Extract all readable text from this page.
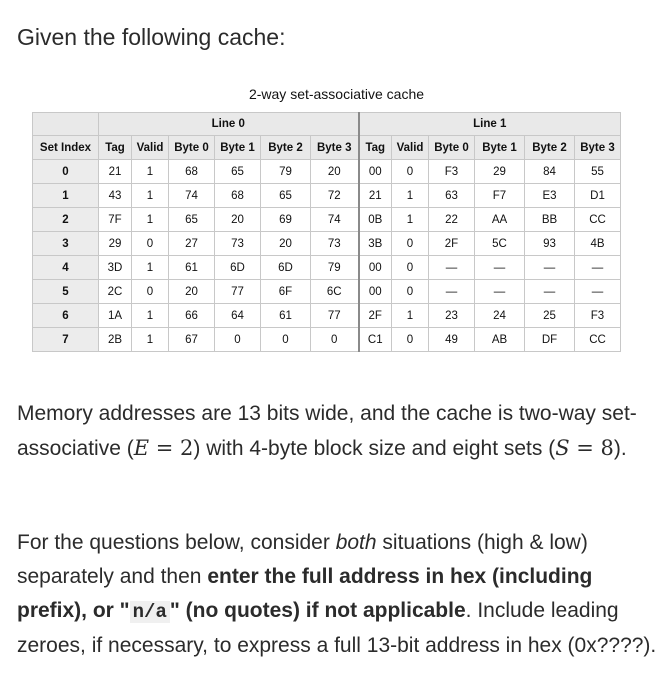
Given the following cache:
2-way set-associative cache
	Line 0						Line 1					
Set Index	Tag	Valid	Byte 0	Byte 1	Byte 2	Byte 3	Tag	Valid	Byte 0	Byte 1	Byte 2	Byte 3
0	21	1	68	65	79	20	00	0	F3	29	84	55
1	43	1	74	68	65	72	21	1	63	F7	E3	D1
2	7F	1	65	20	69	74	0B	1	22	AA	BB	CC
3	29	0	27	73	20	73	3B	0	2F	5C	93	4B
4	3D	1	61	6D	6D	79	00	0	—	—	—	—
5	2C	0	20	77	6F	6C	00	0	—	—	—	—
6	1A	1	66	64	61	77	2F	1	23	24	25	F3
7	2B	1	67	0	0	0	C1	0	49	AB	DF	CC
Memory addresses are 13 bits wide, and the cache is two-way set-associative (E = 2) with 4-byte block size and eight sets (S = 8).
For the questions below, consider both situations (high & low) separately and then enter the full address in hex (including prefix), or " n/a " (no quotes) if not applicable. Include leading zeroes, if necessary, to express a full 13-bit address in hex (0x????).
